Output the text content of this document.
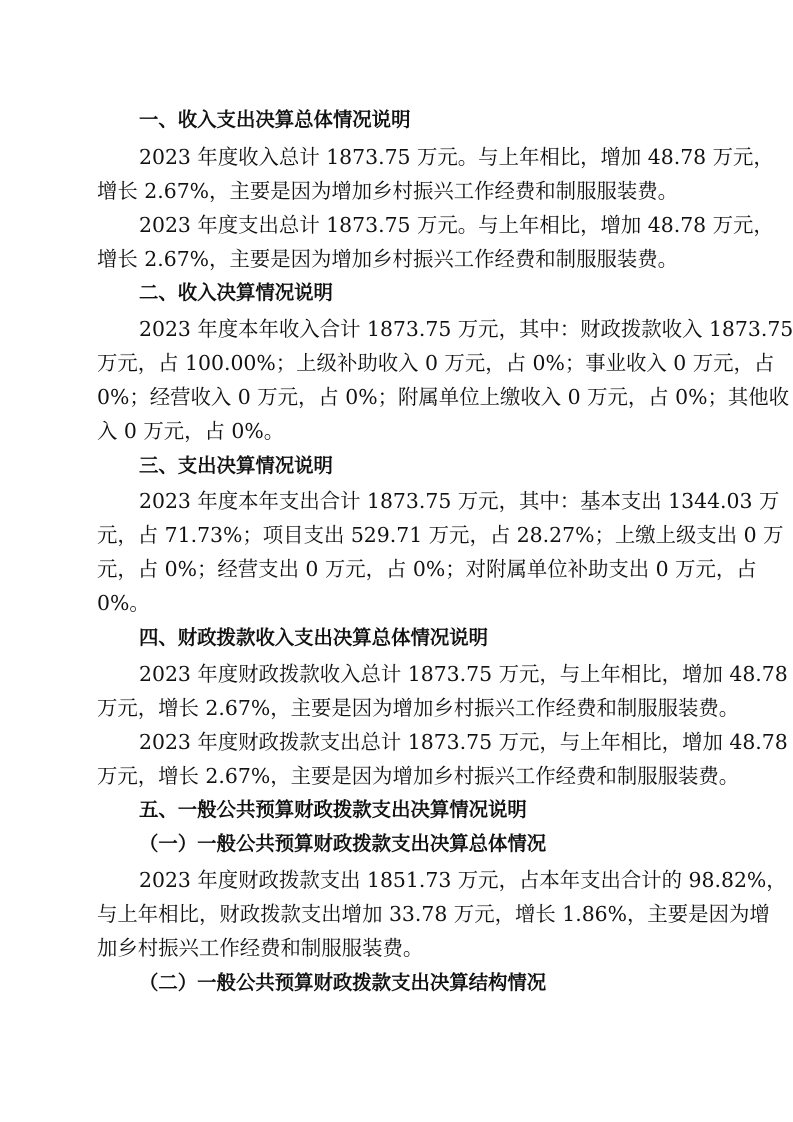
一、收入支出决算总体情况说明

2023 年度收入总计 1873.75 万元。与上年相比，增加 48.78 万元，

增长 2.67%，主要是因为增加乡村振兴工作经费和制服服装费。

2023 年度支出总计 1873.75 万元。与上年相比，增加 48.78 万元，

增长 2.67%，主要是因为增加乡村振兴工作经费和制服服装费。

二、收入决算情况说明

2023 年度本年收入合计 1873.75 万元，其中：财政拨款收入 1873.75

万元，占 100.00%；上级补助收入 0 万元，占 0%；事业收入 0 万元，占

0%；经营收入 0 万元，占 0%；附属单位上缴收入 0 万元，占 0%；其他收

入 0 万元，占 0%。

三、支出决算情况说明

2023 年度本年支出合计 1873.75 万元，其中：基本支出 1344.03 万

元，占 71.73%；项目支出 529.71 万元，占 28.27%；上缴上级支出 0 万

元，占 0%；经营支出 0 万元，占 0%；对附属单位补助支出 0 万元，占

0%。

四、财政拨款收入支出决算总体情况说明

2023 年度财政拨款收入总计 1873.75 万元，与上年相比，增加 48.78

万元，增长 2.67%，主要是因为增加乡村振兴工作经费和制服服装费。

2023 年度财政拨款支出总计 1873.75 万元，与上年相比，增加 48.78

万元，增长 2.67%，主要是因为增加乡村振兴工作经费和制服服装费。

五、一般公共预算财政拨款支出决算情况说明

（一）一般公共预算财政拨款支出决算总体情况

2023 年度财政拨款支出 1851.73 万元，占本年支出合计的 98.82%，

与上年相比，财政拨款支出增加 33.78 万元，增长 1.86%，主要是因为增

加乡村振兴工作经费和制服服装费。

（二）一般公共预算财政拨款支出决算结构情况
